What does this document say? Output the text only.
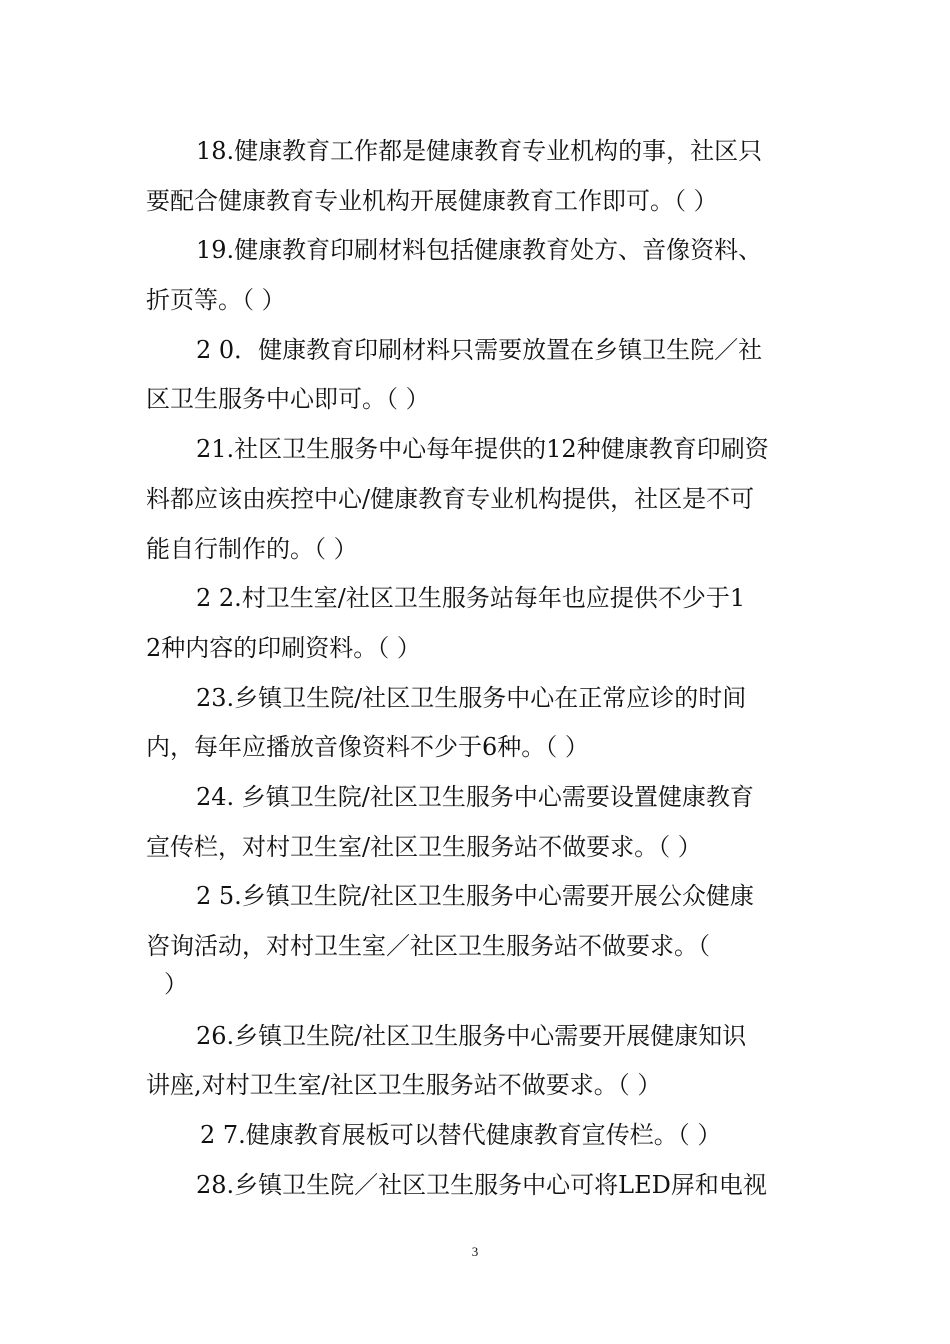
18.健康教育工作都是健康教育专业机构的事，社区只
要配合健康教育专业机构开展健康教育工作即可。（ ）
19.健康教育印刷材料包括健康教育处方、音像资料、
折页等。（ ）
2 0．健康教育印刷材料只需要放置在乡镇卫生院／社
区卫生服务中心即可。（ ）
21.社区卫生服务中心每年提供的12种健康教育印刷资
料都应该由疾控中心/健康教育专业机构提供，社区是不可
能自行制作的。（ ）
2 2.村卫生室/社区卫生服务站每年也应提供不少于1
2种内容的印刷资料。（ ）
23.乡镇卫生院/社区卫生服务中心在正常应诊的时间
内，每年应播放音像资料不少于6种。（ ）
24. 乡镇卫生院/社区卫生服务中心需要设置健康教育
宣传栏，对村卫生室/社区卫生服务站不做要求。（ ）
2 5.乡镇卫生院/社区卫生服务中心需要开展公众健康
咨询活动，对村卫生室／社区卫生服务站不做要求。（
）
26.乡镇卫生院/社区卫生服务中心需要开展健康知识
讲座,对村卫生室/社区卫生服务站不做要求。（ ）
2 7.健康教育展板可以替代健康教育宣传栏。（ ）
28.乡镇卫生院／社区卫生服务中心可将LED屏和电视
3
